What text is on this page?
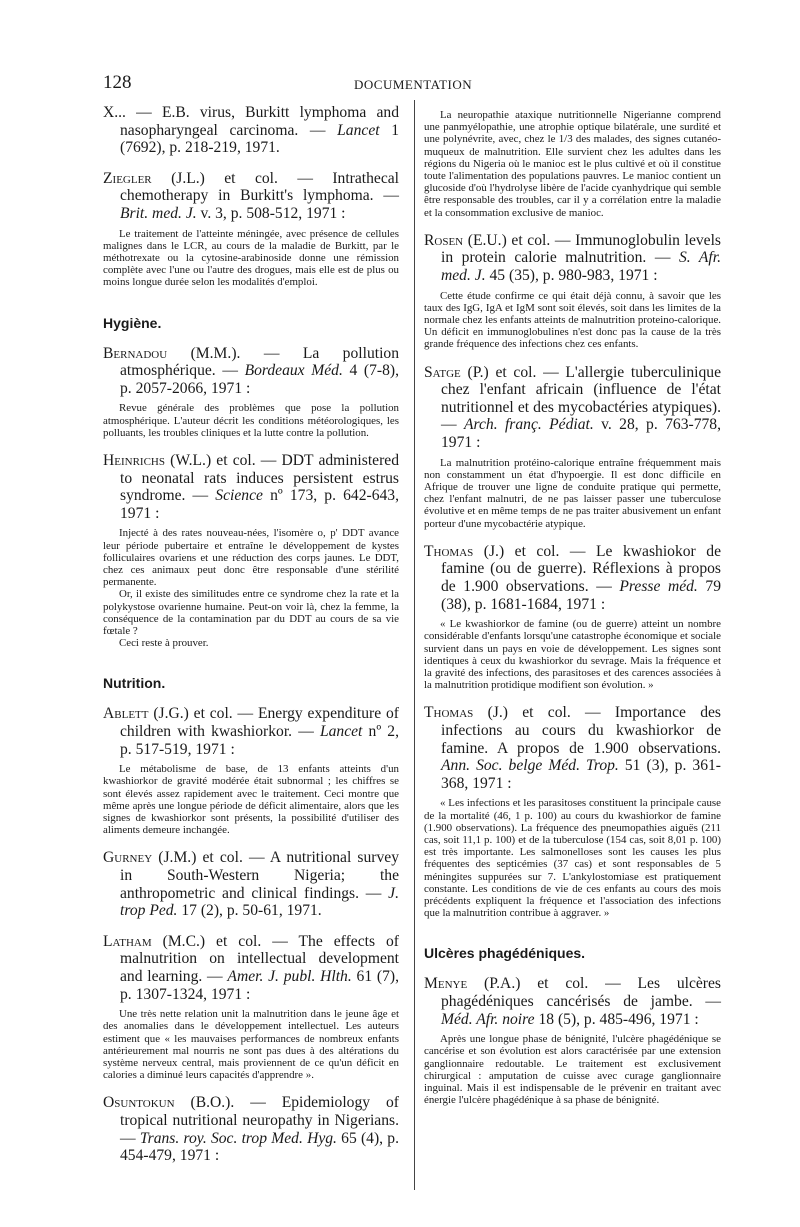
128	DOCUMENTATION

X... — E.B. virus, Burkitt lymphoma and nasopharyngeal carcinoma. — Lancet 1 (7692), p. 218-219, 1971.

Ziegler (J.L.) et col. — Intrathecal chemotherapy in Burkitt's lymphoma. — Brit. med. J. v. 3, p. 508-512, 1971 :

Le traitement de l'atteinte méningée, avec présence de cellules malignes dans le LCR, au cours de la maladie de Burkitt, par le méthotrexate ou la cytosine-arabinoside donne une rémission complète avec l'une ou l'autre des drogues, mais elle est de plus ou moins longue durée selon les modalités d'emploi.

Hygiène.

Bernadou (M.M.). — La pollution atmosphérique. — Bordeaux Méd. 4 (7-8), p. 2057-2066, 1971 :

Revue générale des problèmes que pose la pollution atmosphérique. L'auteur décrit les conditions météorologiques, les polluants, les troubles cliniques et la lutte contre la pollution.

Heinrichs (W.L.) et col. — DDT administered to neonatal rats induces persistent estrus syndrome. — Science nº 173, p. 642-643, 1971 :

Injecté à des rates nouveau-nées, l'isomère o, p' DDT avance leur période pubertaire et entraîne le développement de kystes folliculaires ovariens et une réduction des corps jaunes. Le DDT, chez ces animaux peut donc être responsable d'une stérilité permanente.

Or, il existe des similitudes entre ce syndrome chez la rate et la polykystose ovarienne humaine. Peut-on voir là, chez la femme, la conséquence de la contamination par du DDT au cours de sa vie fœtale ?

Ceci reste à prouver.

Nutrition.

Ablett (J.G.) et col. — Energy expenditure of children with kwashiorkor. — Lancet nº 2, p. 517-519, 1971 :

Le métabolisme de base, de 13 enfants atteints d'un kwashiorkor de gravité modérée était subnormal ; les chiffres se sont élevés assez rapidement avec le traitement. Ceci montre que même après une longue période de déficit alimentaire, alors que les signes de kwashiorkor sont présents, la possibilité d'utiliser des aliments demeure inchangée.

Gurney (J.M.) et col. — A nutritional survey in South-Western Nigeria; the anthropometric and clinical findings. — J. trop Ped. 17 (2), p. 50-61, 1971.

Latham (M.C.) et col. — The effects of malnutrition on intellectual development and learning. — Amer. J. publ. Hlth. 61 (7), p. 1307-1324, 1971 :

Une très nette relation unit la malnutrition dans le jeune âge et des anomalies dans le développement intellectuel. Les auteurs estiment que « les mauvaises performances de nombreux enfants antérieurement mal nourris ne sont pas dues à des altérations du système nerveux central, mais proviennent de ce qu'un déficit en calories a diminué leurs capacités d'apprendre ».

Osuntokun (B.O.). — Epidemiology of tropical nutritional neuropathy in Nigerians. — Trans. roy. Soc. trop Med. Hyg. 65 (4), p. 454-479, 1971 :

La neuropathie ataxique nutritionnelle Nigerianne comprend une panmyélopathie, une atrophie optique bilatérale, une surdité et une polynévrite, avec, chez le 1/3 des malades, des signes cutanéo-muqueux de malnutrition. Elle survient chez les adultes dans les régions du Nigeria où le manioc est le plus cultivé et où il constitue toute l'alimentation des populations pauvres. Le manioc contient un glucoside d'où l'hydrolyse libère de l'acide cyanhydrique qui semble être responsable des troubles, car il y a corrélation entre la maladie et la consommation exclusive de manioc.

Rosen (E.U.) et col. — Immunoglobulin levels in protein calorie malnutrition. — S. Afr. med. J. 45 (35), p. 980-983, 1971 :

Cette étude confirme ce qui était déjà connu, à savoir que les taux des IgG, IgA et IgM sont soit élevés, soit dans les limites de la normale chez les enfants atteints de malnutrition proteino-calorique. Un déficit en immunoglobulines n'est donc pas la cause de la très grande fréquence des infections chez ces enfants.

Satge (P.) et col. — L'allergie tuberculinique chez l'enfant africain (influence de l'état nutritionnel et des mycobactéries atypiques). — Arch. franç. Pédiat. v. 28, p. 763-778, 1971 :

La malnutrition protéino-calorique entraîne fréquemment mais non constamment un état d'hypoergie. Il est donc difficile en Afrique de trouver une ligne de conduite pratique qui permette, chez l'enfant malnutri, de ne pas laisser passer une tuberculose évolutive et en même temps de ne pas traiter abusivement un enfant porteur d'une mycobactérie atypique.

Thomas (J.) et col. — Le kwashiokor de famine (ou de guerre). Réflexions à propos de 1.900 observations. — Presse méd. 79 (38), p. 1681-1684, 1971 :

« Le kwashiorkor de famine (ou de guerre) atteint un nombre considérable d'enfants lorsqu'une catastrophe économique et sociale survient dans un pays en voie de développement. Les signes sont identiques à ceux du kwashiorkor du sevrage. Mais la fréquence et la gravité des infections, des parasitoses et des carences associées à la malnutrition protidique modifient son évolution. »

Thomas (J.) et col. — Importance des infections au cours du kwashiorkor de famine. A propos de 1.900 observations. Ann. Soc. belge Méd. Trop. 51 (3), p. 361-368, 1971 :

« Les infections et les parasitoses constituent la principale cause de la mortalité (46, 1 p. 100) au cours du kwashiorkor de famine (1.900 observations). La fréquence des pneumopathies aiguës (211 cas, soit 11,1 p. 100) et de la tuberculose (154 cas, soit 8,01 p. 100) est très importante. Les salmonelloses sont les causes les plus fréquentes des septicémies (37 cas) et sont responsables de 5 méningites suppurées sur 7. L'ankylostomiase est pratiquement constante. Les conditions de vie de ces enfants au cours des mois précédents expliquent la fréquence et l'association des infections que la malnutrition contribue à aggraver. »

Ulcères phagédéniques.

Menye (P.A.) et col. — Les ulcères phagédéniques cancérisés de jambe. — Méd. Afr. noire 18 (5), p. 485-496, 1971 :

Après une longue phase de bénignité, l'ulcère phagédénique se cancérise et son évolution est alors caractérisée par une extension ganglionnaire redoutable. Le traitement est exclusivement chirurgical : amputation de cuisse avec curage ganglionnaire inguinal. Mais il est indispensable de le prévenir en traitant avec énergie l'ulcère phagédénique à sa phase de bénignité.
